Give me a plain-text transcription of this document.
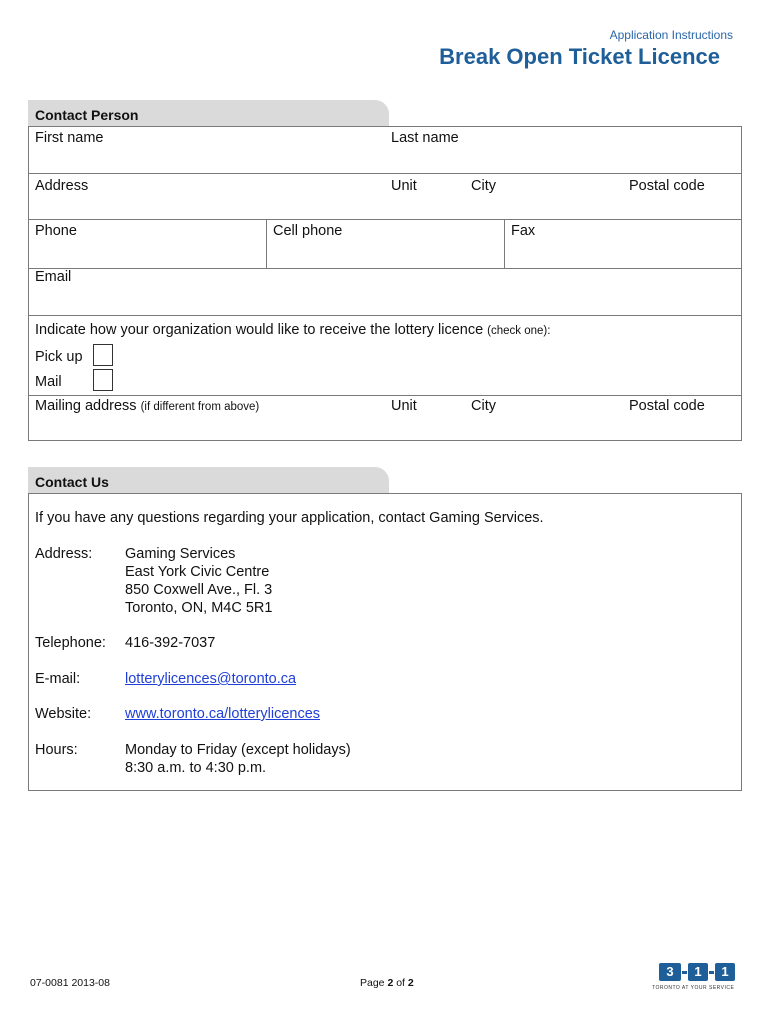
Application Instructions
Break Open Ticket Licence
Contact Person
First name	Last name
Address	Unit	City	Postal code
Phone	Cell phone	Fax
Email
Indicate how your organization would like to receive the lottery licence (check one):
Pick up
Mail
Mailing address (if different from above)	Unit	City	Postal code
Contact Us
If you have any questions regarding your application, contact Gaming Services.
Address: Gaming Services
East York Civic Centre
850 Coxwell Ave., Fl. 3
Toronto, ON, M4C 5R1
Telephone: 416-392-7037
E-mail:	lotterylicences@toronto.ca
Website: www.toronto.ca/lotterylicences
Hours:	Monday to Friday (except holidays)
8:30 a.m. to 4:30 p.m.
07-0081 2013-08	Page 2 of 2
3	1	1
TORONTO AT YOUR SERVICE
